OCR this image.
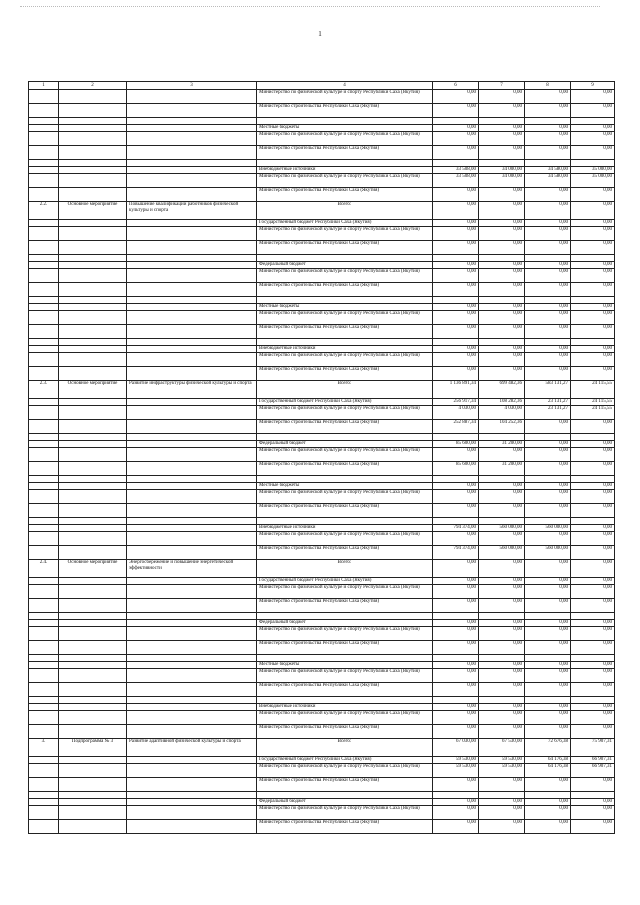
1
1	2	3	4	6	7	8	9
			Министерство по физической культуре и спорту Республики Саха (Якутия)	0,00	0,00	0,00	0,00
			Министерство строительства Республики Саха (Якутия)	0,00	0,00	0,00	0,00

			Местные бюджеты	0,00	0,00	0,00	0,00
			Министерство по физической культуре и спорту Республики Саха (Якутия)	0,00	0,00	0,00	0,00
			Министерство строительства Республики Саха (Якутия)	0,00	0,00	0,00	0,00

			Внебюджетные источники	33 508,00	34 000,00	34 580,00	35 000,00
			Министерство по физической культуре и спорту Республики Саха (Якутия)	33 508,00	34 000,00	34 580,00	35 000,00
			Министерство строительства Республики Саха (Якутия)	0,00	0,00	0,00	0,00
2.2.	Основное мероприятие	Повышение квалификации работников физической культуры и спорта	Всего:	0,00	0,00	0,00	0,00
			Государственный бюджет Республики Саха (Якутия)	0,00	0,00	0,00	0,00
			Министерство по физической культуре и спорту Республики Саха (Якутия)	0,00	0,00	0,00	0,00
			Министерство строительства Республики Саха (Якутия)	0,00	0,00	0,00	0,00

			Федеральный бюджет	0,00	0,00	0,00	0,00
			Министерство по физической культуре и спорту Республики Саха (Якутия)	0,00	0,00	0,00	0,00
			Министерство строительства Республики Саха (Якутия)	0,00	0,00	0,00	0,00

			Местные бюджеты	0,00	0,00	0,00	0,00
			Министерство по физической культуре и спорту Республики Саха (Якутия)	0,00	0,00	0,00	0,00
			Министерство строительства Республики Саха (Якутия)	0,00	0,00	0,00	0,00

			Внебюджетные источники	0,00	0,00	0,00	0,00
			Министерство по физической культуре и спорту Республики Саха (Якутия)	0,00	0,00	0,00	0,00
			Министерство строительства Республики Саха (Якутия)	0,00	0,00	0,00	0,00
2.3.	Основное мероприятие	Развитие инфраструктуры физической культуры и спорта	Всего:	1 136 891,34	699 482,36	583 131,27	24 115,55
			Государственный бюджет Республики Саха (Якутия)	256 917,34	108 282,36	23 131,27	24 115,55
			Министерство по физической культуре и спорту Республики Саха (Якутия)	4 030,00	4 030,00	23 131,27	24 115,55
			Министерство строительства Республики Саха (Якутия)	252 887,34	104 252,36	0,00	0,00

			Федеральный бюджет	85 600,00	31 200,00	0,00	0,00
			Министерство по физической культуре и спорту Республики Саха (Якутия)	0,00	0,00	0,00	0,00
			Министерство строительства Республики Саха (Якутия)	85 600,00	31 200,00	0,00	0,00

			Местные бюджеты	0,00	0,00	0,00	0,00
			Министерство по физической культуре и спорту Республики Саха (Якутия)	0,00	0,00	0,00	0,00
			Министерство строительства Республики Саха (Якутия)	0,00	0,00	0,00	0,00

			Внебюджетные источники	794 374,00	560 000,00	560 000,00	0,00
			Министерство по физической культуре и спорту Республики Саха (Якутия)	0,00	0,00	0,00	0,00
			Министерство строительства Республики Саха (Якутия)	794 374,00	560 000,00	560 000,00	0,00
2.4.	Основное мероприятие	Энергосбережение и повышение энергетической эффективности	Всего:	0,00	0,00	0,00	0,00
			Государственный бюджет Республики Саха (Якутия)	0,00	0,00	0,00	0,00
			Министерство по физической культуре и спорту Республики Саха (Якутия)	0,00	0,00	0,00	0,00
			Министерство строительства Республики Саха (Якутия)	0,00	0,00	0,00	0,00

			Федеральный бюджет	0,00	0,00	0,00	0,00
			Министерство по физической культуре и спорту Республики Саха (Якутия)	0,00	0,00	0,00	0,00
			Министерство строительства Республики Саха (Якутия)	0,00	0,00	0,00	0,00

			Местные бюджеты	0,00	0,00	0,00	0,00
			Министерство по физической культуре и спорту Республики Саха (Якутия)	0,00	0,00	0,00	0,00
			Министерство строительства Республики Саха (Якутия)	0,00	0,00	0,00	0,00

			Внебюджетные источники	0,00	0,00	0,00	0,00
			Министерство по физической культуре и спорту Республики Саха (Якутия)	0,00	0,00	0,00	0,00
			Министерство строительства Республики Саха (Якутия)	0,00	0,00	0,00	0,00
3.	Подпрограмма № 3	Развитие адаптивной физической культуры и спорта	Всего:	67 030,00	67 530,00	72 676,38	75 907,31
			Государственный бюджет Республики Саха (Якутия)	59 530,00	59 530,00	64 176,38	66 907,31
			Министерство по физической культуре и спорту Республики Саха (Якутия)	59 530,00	59 530,00	64 176,38	66 907,31
			Министерство строительства Республики Саха (Якутия)	0,00	0,00	0,00	0,00

			Федеральный бюджет	0,00	0,00	0,00	0,00
			Министерство по физической культуре и спорту Республики Саха (Якутия)	0,00	0,00	0,00	0,00
			Министерство строительства Республики Саха (Якутия)	0,00	0,00	0,00	0,00
